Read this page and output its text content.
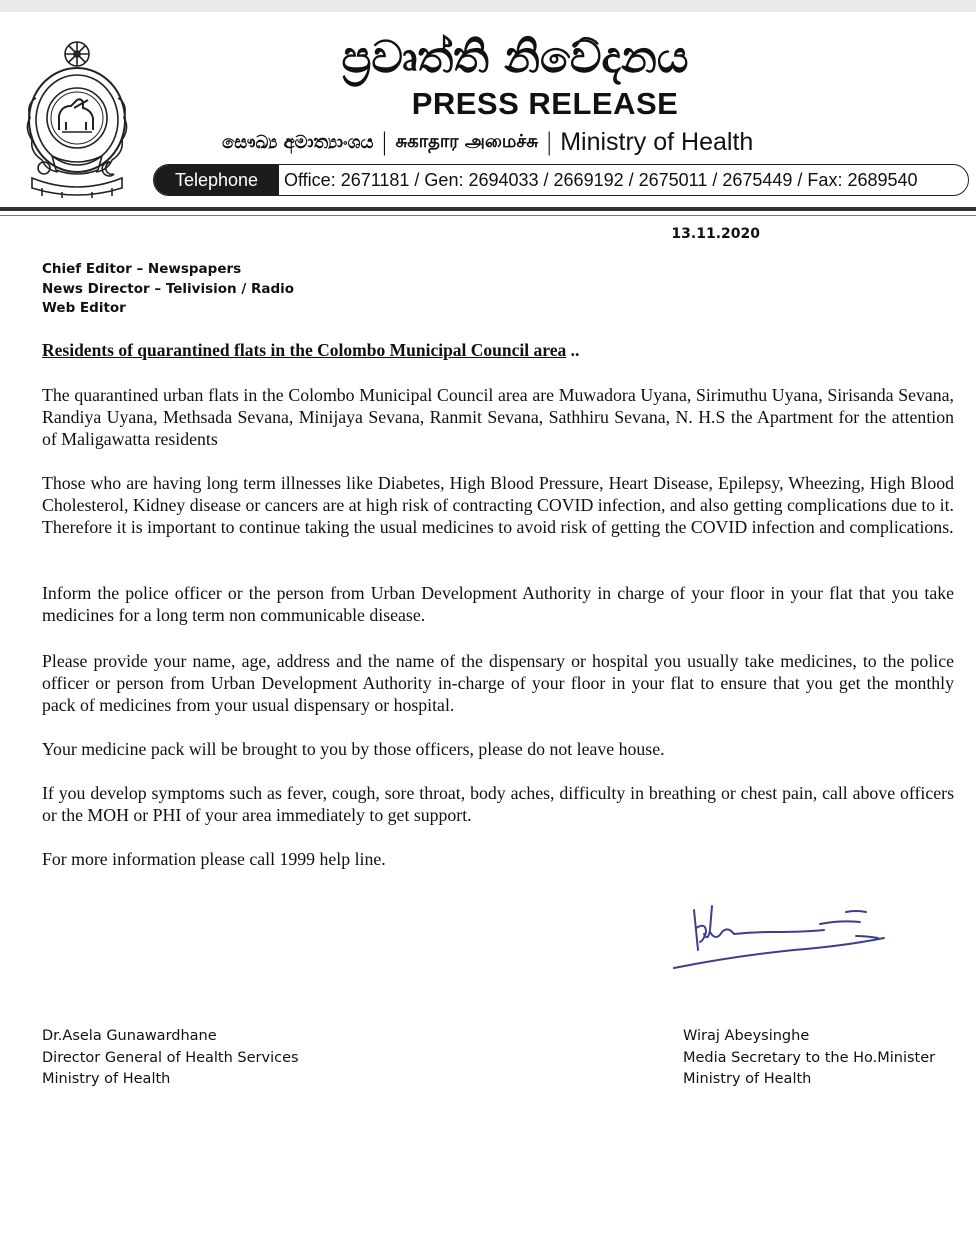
ප්‍රවෘත්ති නිවේදනය
PRESS RELEASE
සෞඛ්‍ය අමාත්‍යාංශය | சுகாதார அமைச்சு | Ministry of Health
Telephone	Office: 2671181 / Gen: 2694033 / 2669192 / 2675011 / 2675449 / Fax: 2689540
13.11.2020
Chief Editor – Newspapers
News Director – Telivision / Radio
Web Editor
Residents of quarantined flats in the Colombo Municipal Council area ..

The quarantined urban flats in the Colombo Municipal Council area are Muwadora Uyana, Sirimuthu Uyana, Sirisanda Sevana, Randiya Uyana, Methsada Sevana, Minijaya Sevana, Ranmit Sevana, Sathhiru Sevana, N. H.S the Apartment for the attention of Maligawatta residents

Those who are having long term illnesses like Diabetes, High Blood Pressure, Heart Disease, Epilepsy, Wheezing, High Blood Cholesterol, Kidney disease or cancers are at high risk of contracting COVID infection, and also getting complications due to it. Therefore it is important to continue taking the usual medicines to avoid risk of getting the COVID infection and complications.

Inform the police officer or the person from Urban Development Authority in charge of your floor in your flat that you take medicines for a long term non communicable disease.

Please provide your name, age, address and the name of the dispensary or hospital you usually take medicines, to the police officer or person from Urban Development Authority in-charge of your floor in your flat to ensure that you get the monthly pack of medicines from your usual dispensary or hospital.

Your medicine pack will be brought to you by those officers, please do not leave house.

If you develop symptoms such as fever, cough, sore throat, body aches, difficulty in breathing or chest pain, call above officers or the MOH or PHI of your area immediately to get support.

For more information please call 1999 help line.

Dr.Asela Gunawardhane
Director General of Health Services
Ministry of Health
Wiraj Abeysinghe
Media Secretary to the Ho.Minister
Ministry of Health
